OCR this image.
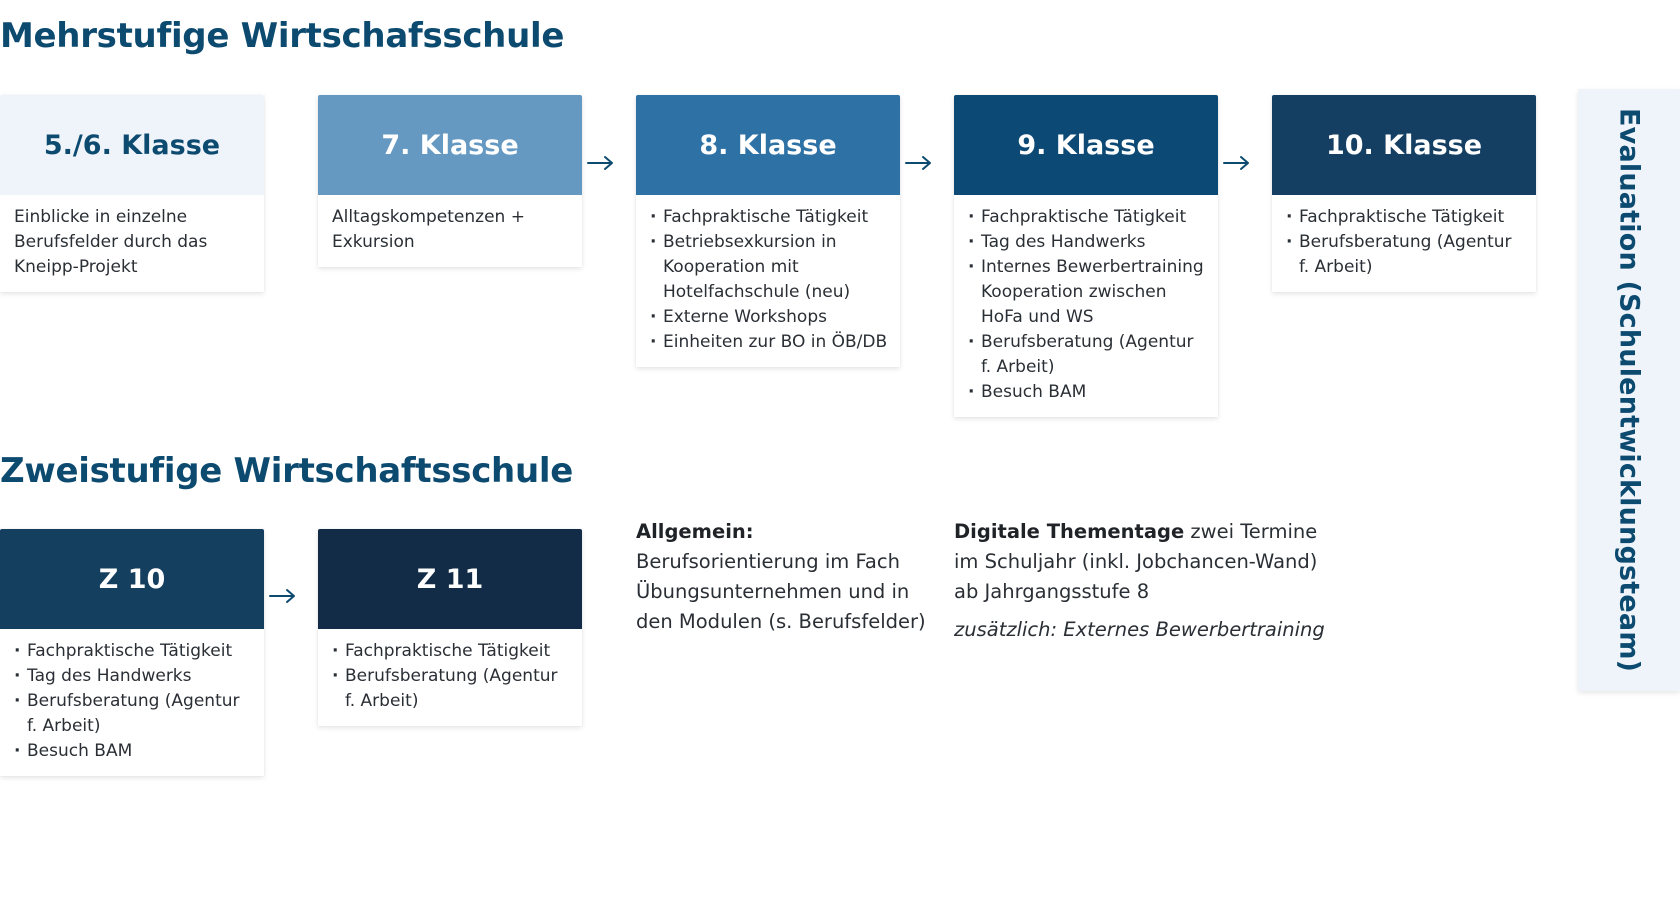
Mehrstufige Wirtschafsschule
5./6. Klasse
Einblicke in einzelne Berufsfelder durch das Kneipp-Projekt
7. Klasse
Alltagskompetenzen + Exkursion
8. Klasse
· Fachpraktische Tätigkeit
· Betriebsexkursion in Kooperation mit Hotelfachschule (neu)
· Externe Workshops
· Einheiten zur BO in ÖB/DB
9. Klasse
· Fachpraktische Tätigkeit
· Tag des Handwerks
· Internes Bewerbertraining Kooperation zwischen HoFa und WS
· Berufsberatung (Agentur f. Arbeit)
· Besuch BAM
10. Klasse
· Fachpraktische Tätigkeit
· Berufsberatung (Agentur f. Arbeit)	Evaluation (Schulentwicklungsteam)
Zweistufige Wirtschaftsschule
Z 10
· Fachpraktische Tätigkeit
· Tag des Handwerks
· Berufsberatung (Agentur f. Arbeit)
· Besuch BAM
Z 11
· Fachpraktische Tätigkeit
· Berufsberatung (Agentur f. Arbeit)
Allgemein:
Berufsorientierung im Fach Übungsunternehmen und in den Modulen (s. Berufsfelder)
Digitale Thementage zwei Termine im Schuljahr (inkl. Jobchancen-Wand) ab Jahrgangsstufe 8
zusätzlich: Externes Bewerbertraining
